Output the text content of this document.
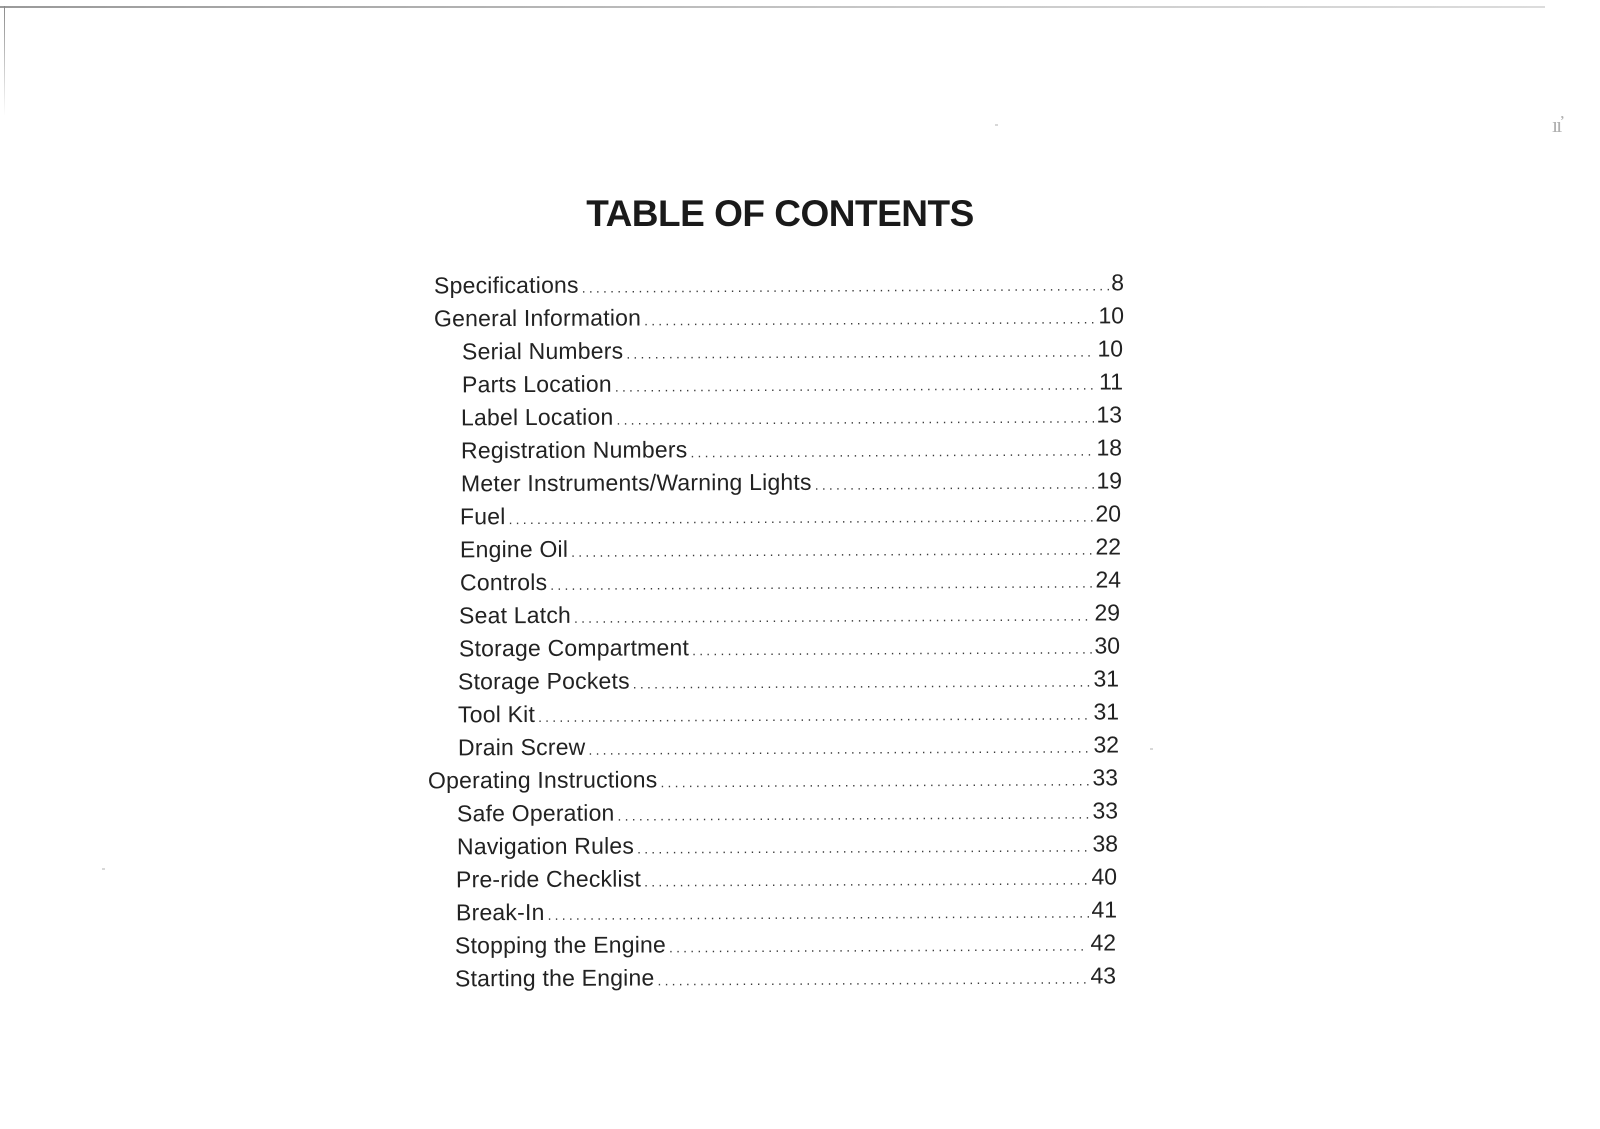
ıı̓
TABLE OF CONTENTS
Specifications .....	8
General Information .....	10
Serial Numbers .....	10
Parts Location .....	11
Label Location .....	13
Registration Numbers .....	18
Meter Instruments/Warning Lights .....	19
Fuel .....	20
Engine Oil .....	22
Controls .....	24
Seat Latch .....	29
Storage Compartment .....	30
Storage Pockets .....	31
Tool Kit .....	31
Drain Screw .....	32
Operating Instructions .....	33
Safe Operation .....	33
Navigation Rules .....	38
Pre-ride Checklist .....	40
Break-In .....	41
Stopping the Engine .....	42
Starting the Engine .....	43
